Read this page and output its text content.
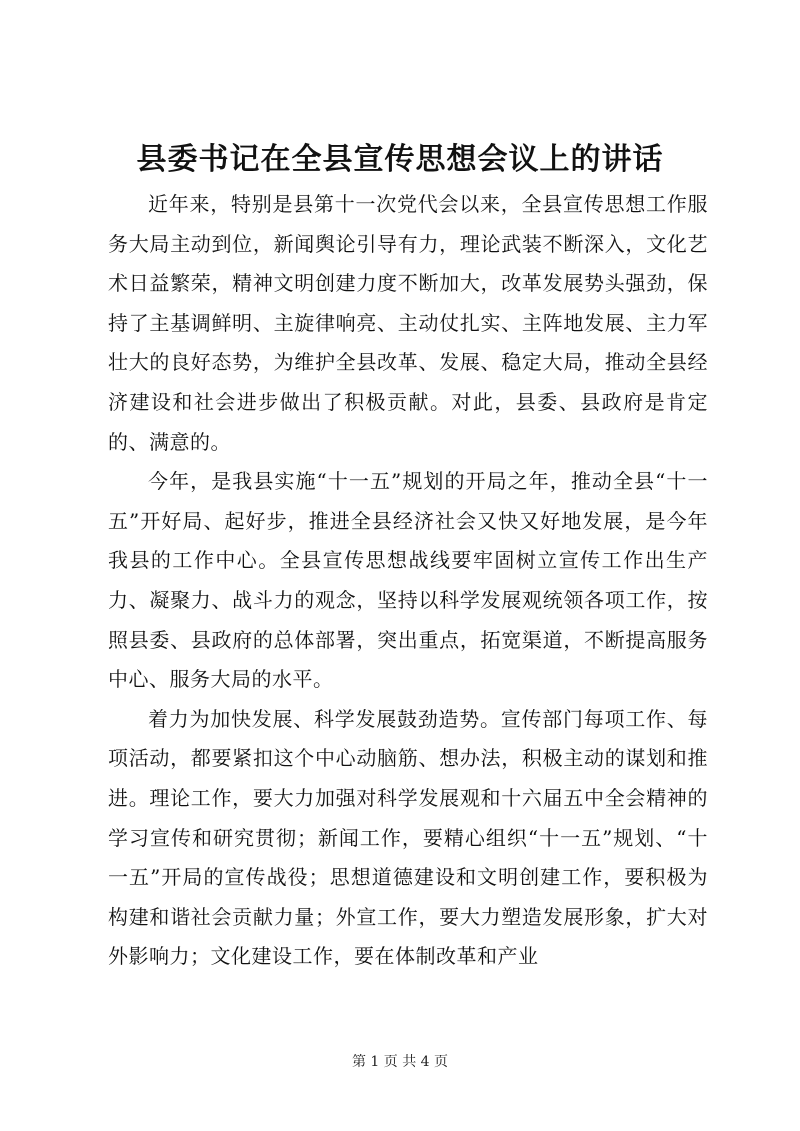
县委书记在全县宣传思想会议上的讲话

近年来，特别是县第十一次党代会以来，全县宣传思想工作服务大局主动到位，新闻舆论引导有力，理论武装不断深入，文化艺术日益繁荣，精神文明创建力度不断加大，改革发展势头强劲，保持了主基调鲜明、主旋律响亮、主动仗扎实、主阵地发展、主力军壮大的良好态势，为维护全县改革、发展、稳定大局，推动全县经济建设和社会进步做出了积极贡献。对此，县委、县政府是肯定的、满意的。

今年，是我县实施“十一五”规划的开局之年，推动全县“十一五”开好局、起好步，推进全县经济社会又快又好地发展，是今年我县的工作中心。全县宣传思想战线要牢固树立宣传工作出生产力、凝聚力、战斗力的观念，坚持以科学发展观统领各项工作，按照县委、县政府的总体部署，突出重点，拓宽渠道，不断提高服务中心、服务大局的水平。

着力为加快发展、科学发展鼓劲造势。宣传部门每项工作、每项活动，都要紧扣这个中心动脑筋、想办法，积极主动的谋划和推进。理论工作，要大力加强对科学发展观和十六届五中全会精神的学习宣传和研究贯彻；新闻工作，要精心组织“十一五”规划、“十一五”开局的宣传战役；思想道德建设和文明创建工作，要积极为构建和谐社会贡献力量；外宣工作，要大力塑造发展形象，扩大对外影响力；文化建设工作，要在体制改革和产业

第 1 页 共 4 页
